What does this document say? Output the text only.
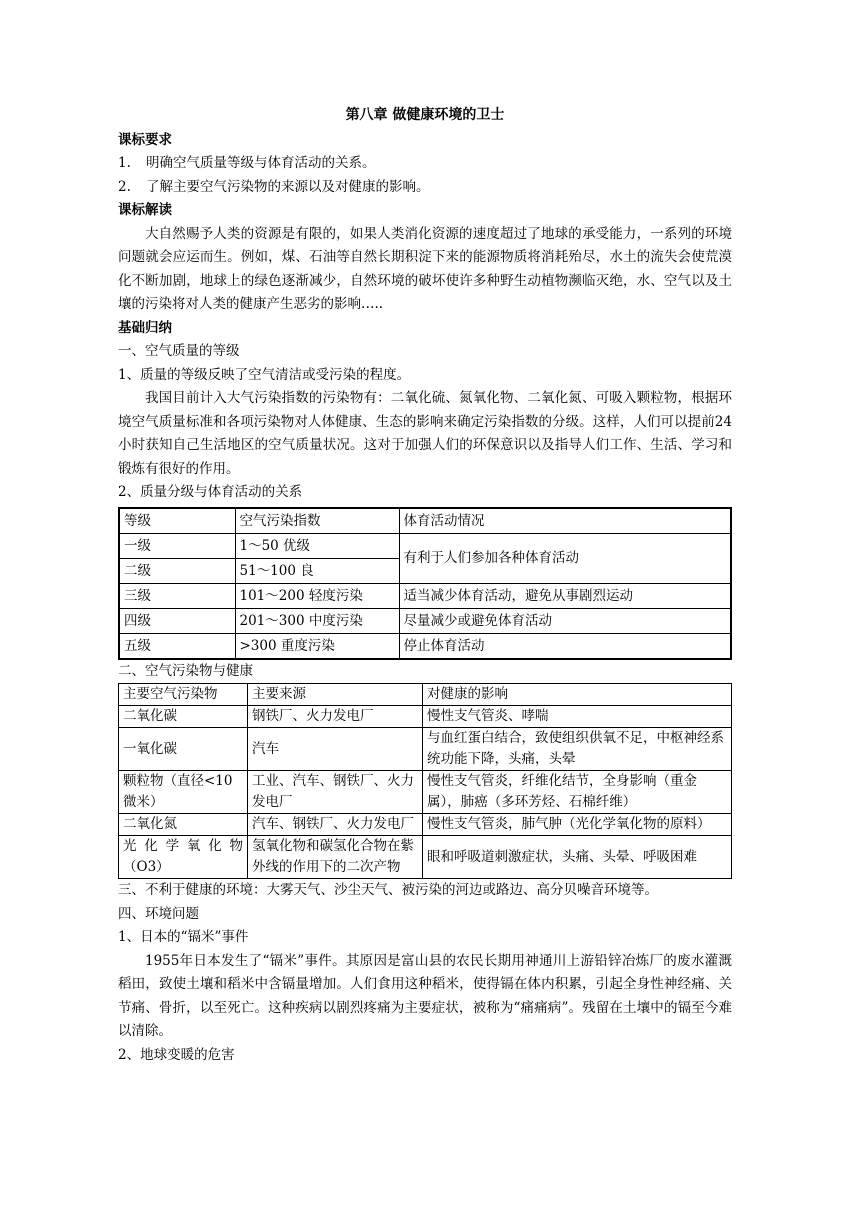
第八章 做健康环境的卫士
课标要求
1. 明确空气质量等级与体育活动的关系。
2. 了解主要空气污染物的来源以及对健康的影响。
课标解读
大自然赐予人类的资源是有限的，如果人类消化资源的速度超过了地球的承受能力，一系列的环境问题就会应运而生。例如，煤、石油等自然长期积淀下来的能源物质将消耗殆尽，水土的流失会使荒漠化不断加剧，地球上的绿色逐渐减少，自然环境的破坏使许多种野生动植物濒临灭绝，水、空气以及土壤的污染将对人类的健康产生恶劣的影响…..
基础归纳
一、空气质量的等级
1、质量的等级反映了空气清洁或受污染的程度。
我国目前计入大气污染指数的污染物有：二氧化硫、氮氧化物、二氧化氮、可吸入颗粒物，根据环境空气质量标准和各项污染物对人体健康、生态的影响来确定污染指数的分级。这样，人们可以提前24小时获知自己生活地区的空气质量状况。这对于加强人们的环保意识以及指导人们工作、生活、学习和锻炼有很好的作用。
2、质量分级与体育活动的关系
等级	空气污染指数	体育活动情况
一级	1～50 优级	有利于人们参加各种体育活动
二级	51～100 良	
三级	101～200 轻度污染	适当减少体育活动，避免从事剧烈运动
四级	201～300 中度污染	尽量减少或避免体育活动
五级	>300 重度污染	停止体育活动
二、空气污染物与健康
主要空气污染物	主要来源	对健康的影响
二氧化碳	钢铁厂、火力发电厂	慢性支气管炎、哮喘
一氧化碳	汽车	与血红蛋白结合，致使组织供氧不足，中枢神经系统功能下降，头痛，头晕
颗粒物（直径<10微米）	工业、汽车、钢铁厂、火力发电厂	慢性支气管炎，纤维化结节，全身影响（重金属），肺癌（多环芳烃、石棉纤维）
二氧化氮	汽车、钢铁厂、火力发电厂	慢性支气管炎，肺气肿（光化学氧化物的原料）
光化学氧化物（O3）	氢氧化物和碳氢化合物在紫外线的作用下的二次产物	眼和呼吸道刺激症状，头痛、头晕、呼吸困难
三、不利于健康的环境：大雾天气、沙尘天气、被污染的河边或路边、高分贝噪音环境等。
四、环境问题
1、日本的“镉米”事件
1955年日本发生了“镉米”事件。其原因是富山县的农民长期用神通川上游铅锌冶炼厂的废水灌溉稻田，致使土壤和稻米中含镉量增加。人们食用这种稻米，使得镉在体内积累，引起全身性神经痛、关节痛、骨折，以至死亡。这种疾病以剧烈疼痛为主要症状，被称为“痛痛病”。残留在土壤中的镉至今难以清除。
2、地球变暖的危害
